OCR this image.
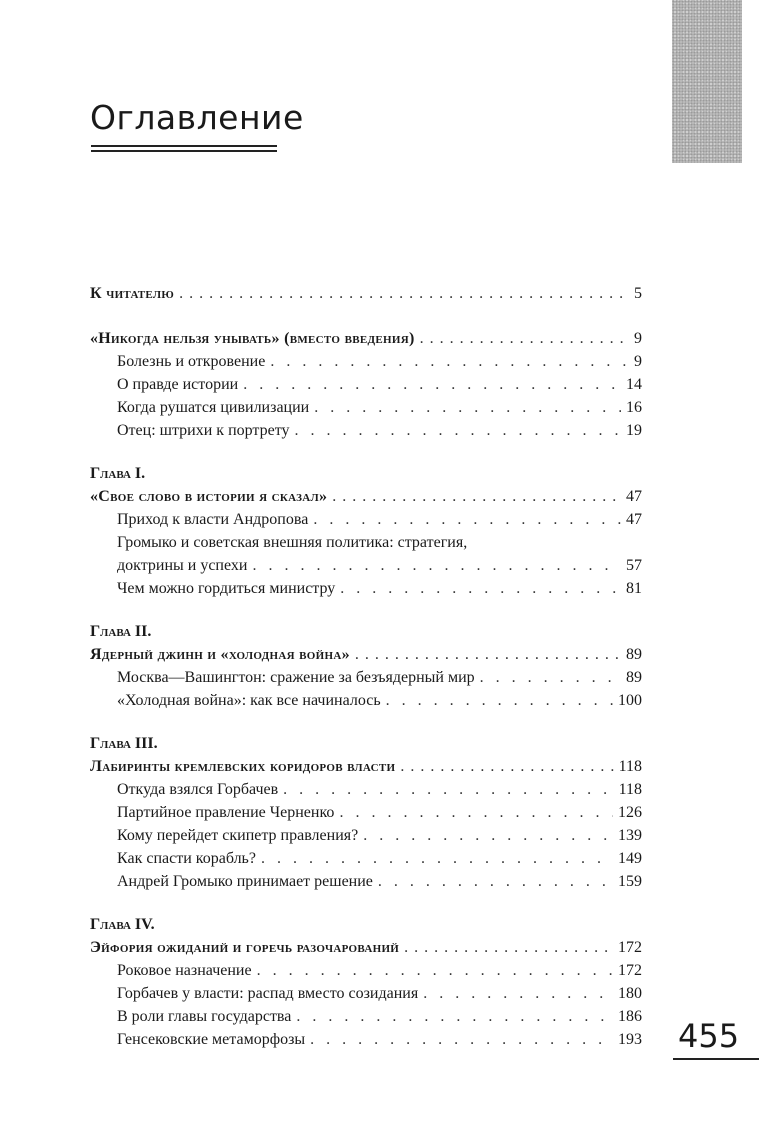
Оглавление
К читателю . . .	5
«Никогда нельзя унывать» (вместо введения) . . .	9
Болезнь и откровение . . .	9
О правде истории . . .	14
Когда рушатся цивилизации . . .	16
Отец: штрихи к портрету . . .	19
Глава I.
«Свое слово в истории я сказал» . . .	47
Приход к власти Андропова . . .	47
Громыко и советская внешняя политика: стратегия,
доктрины и успехи . . .	57
Чем можно гордиться министру . . .	81
Глава II.
Ядерный джинн и «холодная война» . . .	89
Москва—Вашингтон: сражение за безъядерный мир . . .	89
«Холодная война»: как все начиналось . . .	100
Глава III.
Лабиринты кремлевских коридоров власти . . .	118
Откуда взялся Горбачев . . .	118
Партийное правление Черненко . . .	126
Кому перейдет скипетр правления? . . .	139
Как спасти корабль? . . .	149
Андрей Громыко принимает решение . . .	159
Глава IV.
Эйфория ожиданий и горечь разочарований . . .	172
Роковое назначение . . .	172
Горбачев у власти: распад вместо созидания . . .	180
В роли главы государства . . .	186
Генсековские метаморфозы . . .	193 455
